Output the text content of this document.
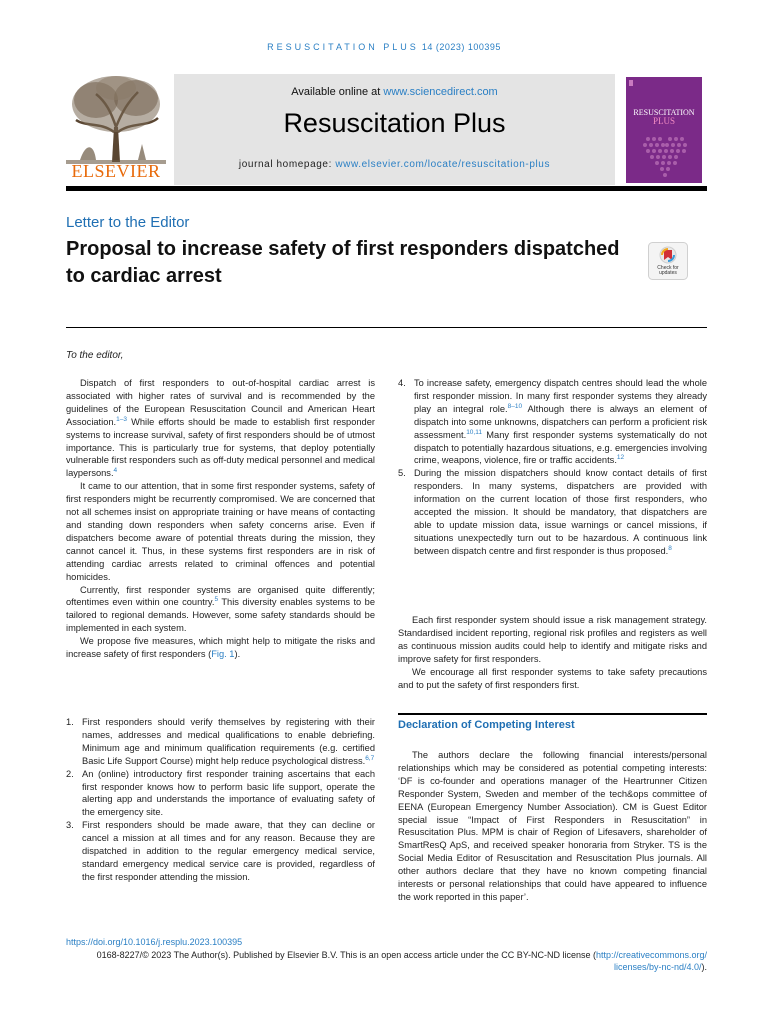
RESUSCITATION PLUS 14 (2023) 100395
ELSEVIER
Available online at www.sciencedirect.com
Resuscitation Plus
journal homepage: www.elsevier.com/locate/resuscitation-plus
RESUSCITATION
PLUS
Letter to the Editor
Proposal to increase safety of first responders dispatched to cardiac arrest	Check for
updates
To the editor,

Dispatch of first responders to out-of-hospital cardiac arrest is associated with higher rates of survival and is recommended by the guidelines of the European Resuscitation Council and American Heart Association.$^{1-3}$ While efforts should be made to establish first responder systems to increase survival, safety of first responders should be of utmost importance. This is particularly true for systems, that deploy potentially vulnerable first responders such as off-duty medical personnel and medical laypersons.$^4$

It came to our attention, that in some first responder systems, safety of first responders might be recurrently compromised. We are concerned that not all schemes insist on appropriate training or have means of contacting and standing down responders when safety concerns arise. Even if dispatchers become aware of potential threats during the mission, they cannot cancel it. Thus, in these systems first responders are in risk of attending cardiac arrests related to criminal offences and potential homicides.

Currently, first responder systems are organised quite differently; oftentimes even within one country.$^5$ This diversity enables systems to be tailored to regional demands. However, some safety standards should be implemented in each system.

We propose five measures, which might help to mitigate the risks and increase safety of first responders (Fig. 1).

1. First responders should verify themselves by registering with their names, addresses and medical qualifications to enable debriefing. Minimum age and minimum qualification requirements (e.g. certified Basic Life Support Course) might help reduce psychological distress.$^{6,7}$
2. An (online) introductory first responder training ascertains that each first responder knows how to perform basic life support, operate the alerting app and understands the importance of evaluating safety of the emergency site.
3. First responders should be made aware, that they can decline or cancel a mission at all times and for any reason. Because they are dispatched in addition to the regular emergency medical service, standard emergency medical service care is provided, regardless of the first responder attending the mission.
4. To increase safety, emergency dispatch centres should lead the whole first responder mission. In many first responder systems they already play an integral role.$^{8-10}$ Although there is always an element of dispatch into some unknowns, dispatchers can perform a proficient risk assessment.$^{10,11}$ Many first responder systems systematically do not dispatch to potentially hazardous situations, e.g. emergencies involving crime, weapons, violence, fire or traffic accidents.$^{12}$
5. During the mission dispatchers should know contact details of first responders. In many systems, dispatchers are provided with information on the current location of those first responders, who accepted the mission. It should be mandatory, that dispatchers are able to update mission data, issue warnings or cancel missions, if situations unexpectedly turn out to be hazardous. A continuous link between dispatch centre and first responder is thus proposed.$^8$

Each first responder system should issue a risk management strategy. Standardised incident reporting, regional risk profiles and registers as well as continuous mission audits could help to identify and mitigate risks and improve safety for first responders.

We encourage all first responder systems to take safety precautions and to put the safety of first responders first.

Declaration of Competing Interest

The authors declare the following financial interests/personal relationships which may be considered as potential competing interests: ‘DF is co-founder and operations manager of the Heartrunner Citizen Responder System, Sweden and member of the tech&ops committee of EENA (European Emergency Number Association). CM is Guest Editor special issue “Impact of First Responders in Resuscitation” in Resuscitation Plus. MPM is chair of Region of Lifesavers, shareholder of SmartResQ ApS, and received speaker honoraria from Stryker. TS is the Social Media Editor of Resuscitation and Resuscitation Plus journals. All other authors declare that they have no known competing financial interests or personal relationships that could have appeared to influence the work reported in this paper’.

https://doi.org/10.1016/j.resplu.2023.100395
0168-8227/© 2023 The Author(s). Published by Elsevier B.V. This is an open access article under the CC BY-NC-ND license (http://creativecommons.org/
licenses/by-nc-nd/4.0/).
